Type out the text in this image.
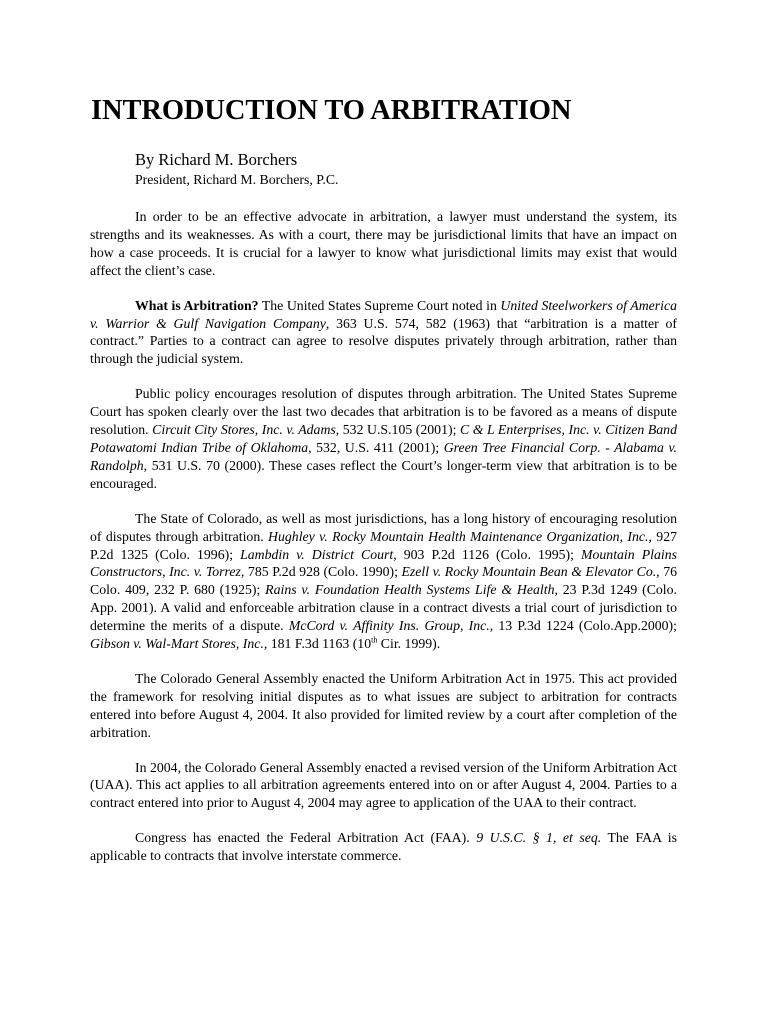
INTRODUCTION TO ARBITRATION
By Richard M. Borchers
President, Richard M. Borchers, P.C.

In order to be an effective advocate in arbitration, a lawyer must understand the system, its strengths and its weaknesses. As with a court, there may be jurisdictional limits that have an impact on how a case proceeds. It is crucial for a lawyer to know what jurisdictional limits may exist that would affect the client’s case.

What is Arbitration? The United States Supreme Court noted in United Steelworkers of America v. Warrior & Gulf Navigation Company, 363 U.S. 574, 582 (1963) that “arbitration is a matter of contract.” Parties to a contract can agree to resolve disputes privately through arbitration, rather than through the judicial system.

Public policy encourages resolution of disputes through arbitration. The United States Supreme Court has spoken clearly over the last two decades that arbitration is to be favored as a means of dispute resolution. Circuit City Stores, Inc. v. Adams, 532 U.S.105 (2001); C & L Enterprises, Inc. v. Citizen Band Potawatomi Indian Tribe of Oklahoma, 532, U.S. 411 (2001); Green Tree Financial Corp. - Alabama v. Randolph, 531 U.S. 70 (2000). These cases reflect the Court’s longer-term view that arbitration is to be encouraged.

The State of Colorado, as well as most jurisdictions, has a long history of encouraging resolution of disputes through arbitration. Hughley v. Rocky Mountain Health Maintenance Organization, Inc., 927 P.2d 1325 (Colo. 1996); Lambdin v. District Court, 903 P.2d 1126 (Colo. 1995); Mountain Plains Constructors, Inc. v. Torrez, 785 P.2d 928 (Colo. 1990); Ezell v. Rocky Mountain Bean & Elevator Co., 76 Colo. 409, 232 P. 680 (1925); Rains v. Foundation Health Systems Life & Health, 23 P.3d 1249 (Colo. App. 2001). A valid and enforceable arbitration clause in a contract divests a trial court of jurisdiction to determine the merits of a dispute. McCord v. Affinity Ins. Group, Inc., 13 P.3d 1224 (Colo.App.2000); Gibson v. Wal-Mart Stores, Inc., 181 F.3d 1163 (10th Cir. 1999).

The Colorado General Assembly enacted the Uniform Arbitration Act in 1975. This act provided the framework for resolving initial disputes as to what issues are subject to arbitration for contracts entered into before August 4, 2004. It also provided for limited review by a court after completion of the arbitration.

In 2004, the Colorado General Assembly enacted a revised version of the Uniform Arbitration Act (UAA). This act applies to all arbitration agreements entered into on or after August 4, 2004. Parties to a contract entered into prior to August 4, 2004 may agree to application of the UAA to their contract.

Congress has enacted the Federal Arbitration Act (FAA). 9 U.S.C. § 1, et seq. The FAA is applicable to contracts that involve interstate commerce.
